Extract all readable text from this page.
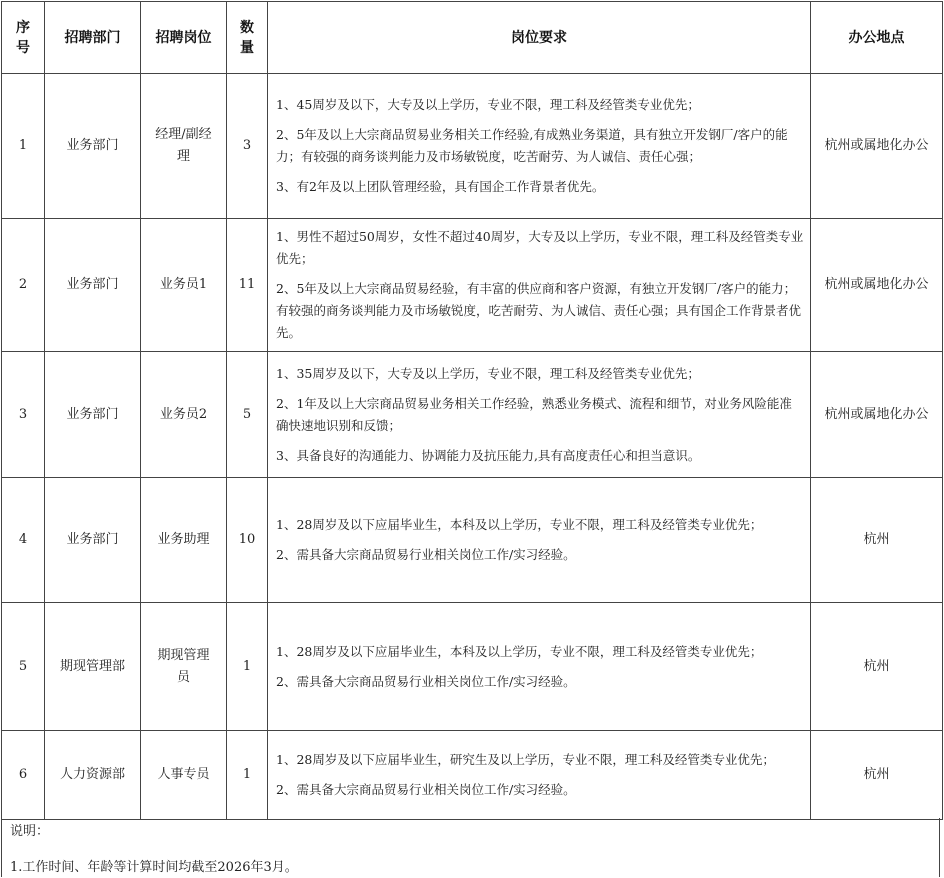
序号	招聘部门	招聘岗位	数量	岗位要求	办公地点
1	业务部门	经理/副经理	3	1、45周岁及以下，大专及以上学历，专业不限，理工科及经管类专业优先；

2、5年及以上大宗商品贸易业务相关工作经验,有成熟业务渠道，具有独立开发钢厂/客户的能力；有较强的商务谈判能力及市场敏锐度，吃苦耐劳、为人诚信、责任心强；

3、有2年及以上团队管理经验，具有国企工作背景者优先。	杭州或属地化办公
2	业务部门	业务员1	11	1、男性不超过50周岁，女性不超过40周岁，大专及以上学历，专业不限，理工科及经管类专业优先；

2、5年及以上大宗商品贸易经验，有丰富的供应商和客户资源，有独立开发钢厂/客户的能力；有较强的商务谈判能力及市场敏锐度，吃苦耐劳、为人诚信、责任心强；具有国企工作背景者优先。	杭州或属地化办公
3	业务部门	业务员2	5	1、35周岁及以下，大专及以上学历，专业不限，理工科及经管类专业优先；

2、1年及以上大宗商品贸易业务相关工作经验，熟悉业务模式、流程和细节，对业务风险能准确快速地识别和反馈；

3、具备良好的沟通能力、协调能力及抗压能力,具有高度责任心和担当意识。	杭州或属地化办公
4	业务部门	业务助理	10	1、28周岁及以下应届毕业生，本科及以上学历，专业不限，理工科及经管类专业优先；

2、需具备大宗商品贸易行业相关岗位工作/实习经验。	杭州
5	期现管理部	期现管理员	1	1、28周岁及以下应届毕业生，本科及以上学历，专业不限，理工科及经管类专业优先；

2、需具备大宗商品贸易行业相关岗位工作/实习经验。	杭州
6	人力资源部	人事专员	1	1、28周岁及以下应届毕业生，研究生及以上学历，专业不限，理工科及经管类专业优先；

2、需具备大宗商品贸易行业相关岗位工作/实习经验。	杭州
说明：
1.工作时间、年龄等计算时间均截至2026年3月。
